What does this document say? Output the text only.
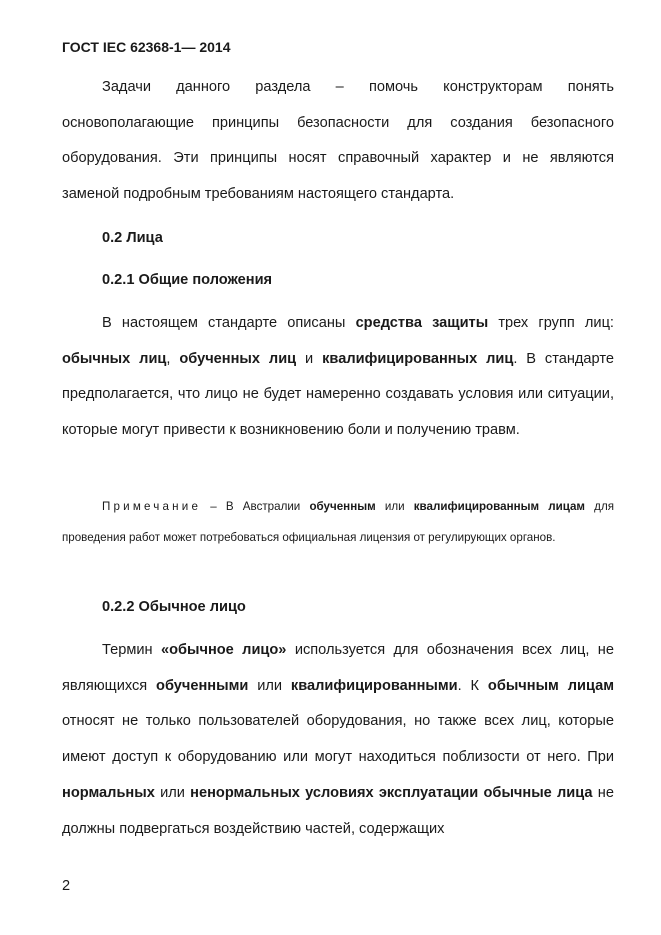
ГОСТ IEC 62368-1— 2014

Задачи данного раздела – помочь конструкторам понять

основополагающие принципы безопасности для создания безопасного

оборудования. Эти принципы носят справочный характер и не являются

заменой подробным требованиям настоящего стандарта.

0.2 Лица
0.2.1 Общие положения

В настоящем стандарте описаны средства защиты трех групп лиц: обычных лиц, обученных лиц и квалифицированных лиц. В стандарте предполагается, что лицо не будет намеренно создавать условия или ситуации, которые могут привести к возникновению боли и получению травм.

Примечание – В Австралии обученным или квалифицированным лицам для проведения работ может потребоваться официальная лицензия от регулирующих органов.

0.2.2 Обычное лицо

Термин «обычное лицо» используется для обозначения всех лиц, не являющихся обученными или квалифицированными. К обычным лицам относят не только пользователей оборудования, но также всех лиц, которые имеют доступ к оборудованию или могут находиться поблизости от него. При нормальных или ненормальных условиях эксплуатации обычные лица не должны подвергаться воздействию частей, содержащих

2
